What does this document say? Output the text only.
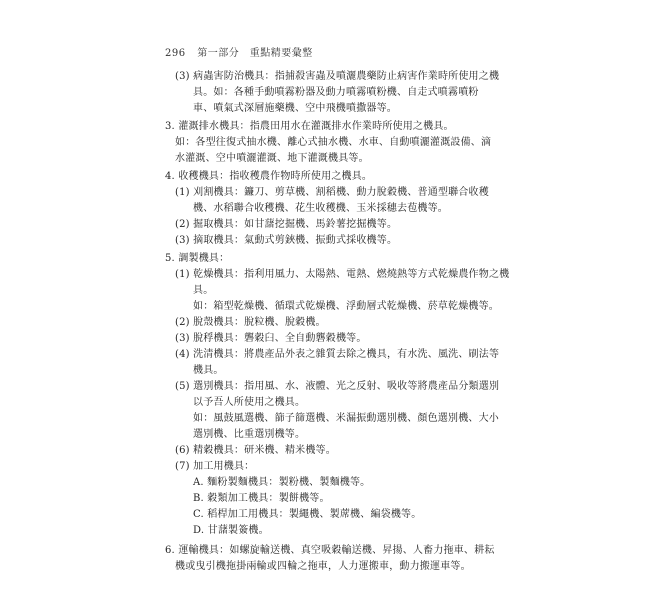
296 第一部分　重點精要彙整
(3) 病蟲害防治機具：指捕殺害蟲及噴灑農藥防止病害作業時所使用之機
具。如：各種手動噴霧粉器及動力噴霧噴粉機、自走式噴霧噴粉
車、噴氣式深層施藥機、空中飛機噴撒器等。
3. 灌溉排水機具：指農田用水在灌溉排水作業時所使用之機具。
如：各型往復式抽水機、離心式抽水機、水車、自動噴灑灌溉設備、滴
水灌溉、空中噴灑灌溉、地下灌溉機具等。
4. 收穫機具：指收穫農作物時所使用之機具。
(1) 刈割機具：鐮刀、剪草機、割稻機、動力脫穀機、普通型聯合收穫
機、水稻聯合收穫機、花生收穫機、玉米採穗去苞機等。
(2) 掘取機具：如甘藷挖掘機、馬鈴薯挖掘機等。
(3) 摘取機具：氣動式剪鋏機、振動式採收機等。
5. 調製機具：
(1) 乾燥機具：指利用風力、太陽熱、電熱、燃燒熱等方式乾燥農作物之機
具。
如：箱型乾燥機、循環式乾燥機、浮動層式乾燥機、菸草乾燥機等。
(2) 脫殼機具：脫粒機、脫穀機。
(3) 脫稃機具：礱穀臼、全自動礱穀機等。
(4) 洗清機具：將農產品外表之雜質去除之機具，有水洗、風洗、刷法等
機具。
(5) 選別機具：指用風、水、液體、光之反射、吸收等將農產品分類選別
以予吾人所使用之機具。
如：風鼓風選機、篩子篩選機、米漏振動選別機、顏色選別機、大小
選別機、比重選別機等。
(6) 精穀機具：研米機、精米機等。
(7) 加工用機具：
A. 麵粉製麵機具：製粉機、製麵機等。
B. 穀類加工機具：製餅機等。
C. 稻桿加工用機具：製繩機、製蓆機、編袋機等。
D. 甘藷製簽機。
6. 運輸機具：如螺旋輸送機、真空吸穀輸送機、昇揚、人畜力拖車、耕耘
機或曳引機拖掛兩輪或四輪之拖車，人力運搬車，動力搬運車等。
